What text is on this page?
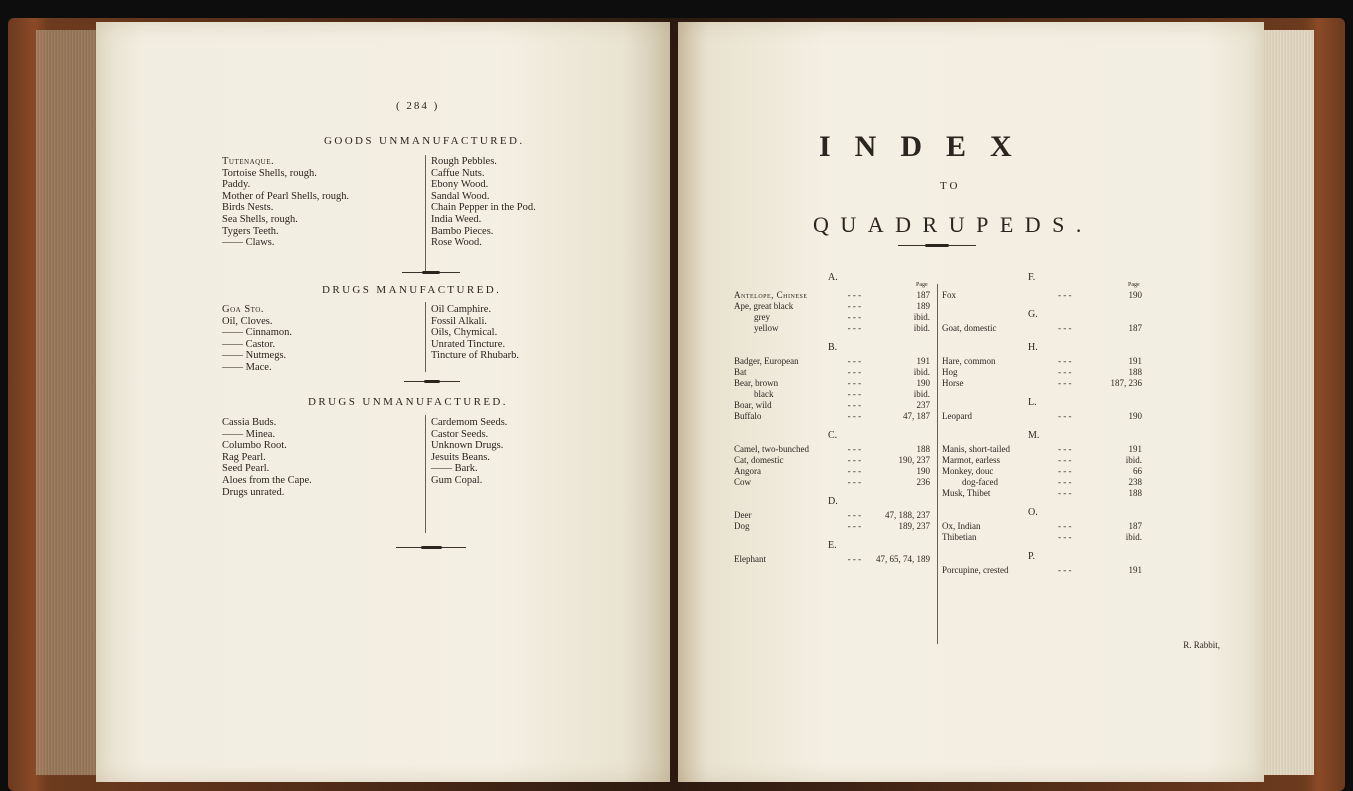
( 284 )
GOODS UNMANUFACTURED.
Tutenaque.
Tortoise Shells, rough.
Paddy.
Mother of Pearl Shells, rough.
Birds Nests.
Sea Shells, rough.
Tygers Teeth.
—— Claws.
Rough Pebbles.
Caffue Nuts.
Ebony Wood.
Sandal Wood.
Chain Pepper in the Pod.
India Weed.
Bambo Pieces.
Rose Wood.
DRUGS MANUFACTURED.
Goa Sto.
Oil, Cloves.
—— Cinnamon.
—— Castor.
—— Nutmegs.
—— Mace.
Oil Camphire.
Fossil Alkali.
Oils, Chymical.
Unrated Tincture.
Tincture of Rhubarb.
DRUGS UNMANUFACTURED.
Cassia Buds.
—— Minea.
Columbo Root.
Rag Pearl.
Seed Pearl.
Aloes from the Cape.
Drugs unrated.
Cardemom Seeds.
Castor Seeds.
Unknown Drugs.
Jesuits Beans.
—— Bark.
Gum Copal.
INDEX
TO
QUADRUPEDS.
R. Rabbit,
A.
Page
Antelope, Chinese	- - -	187
Ape, great black	- - -	189
grey	- - -	ibid.
yellow	- - -	ibid.
B.
Badger, European	- - -	191
Bat	- - -	ibid.
Bear, brown	- - -	190
black	- - -	ibid.
Boar, wild	- - -	237
Buffalo	- - -	47, 187
C.
Camel, two-bunched	- - -	188
Cat, domestic	- - -	190, 237
Angora	- - -	190
Cow	- - -	236
D.
Deer	- - -	47, 188, 237
Dog	- - -	189, 237
E.
Elephant	- - - 47, 65, 74, 189
F.
Page
Fox	- - -	190
G.
Goat, domestic	- - -	187
H.
Hare, common	- - -	191
Hog	- - -	188
Horse	- - -	187, 236
L.
Leopard	- - -	190
M.
Manis, short-tailed	- - -	191
Marmot, earless	- - -	ibid.
Monkey, douc	- - -	66
dog-faced	- - -	238
Musk, Thibet	- - -	188
O.
Ox, Indian	- - -	187
Thibetian	- - -	ibid.
P.
Porcupine, crested	- - -	191
